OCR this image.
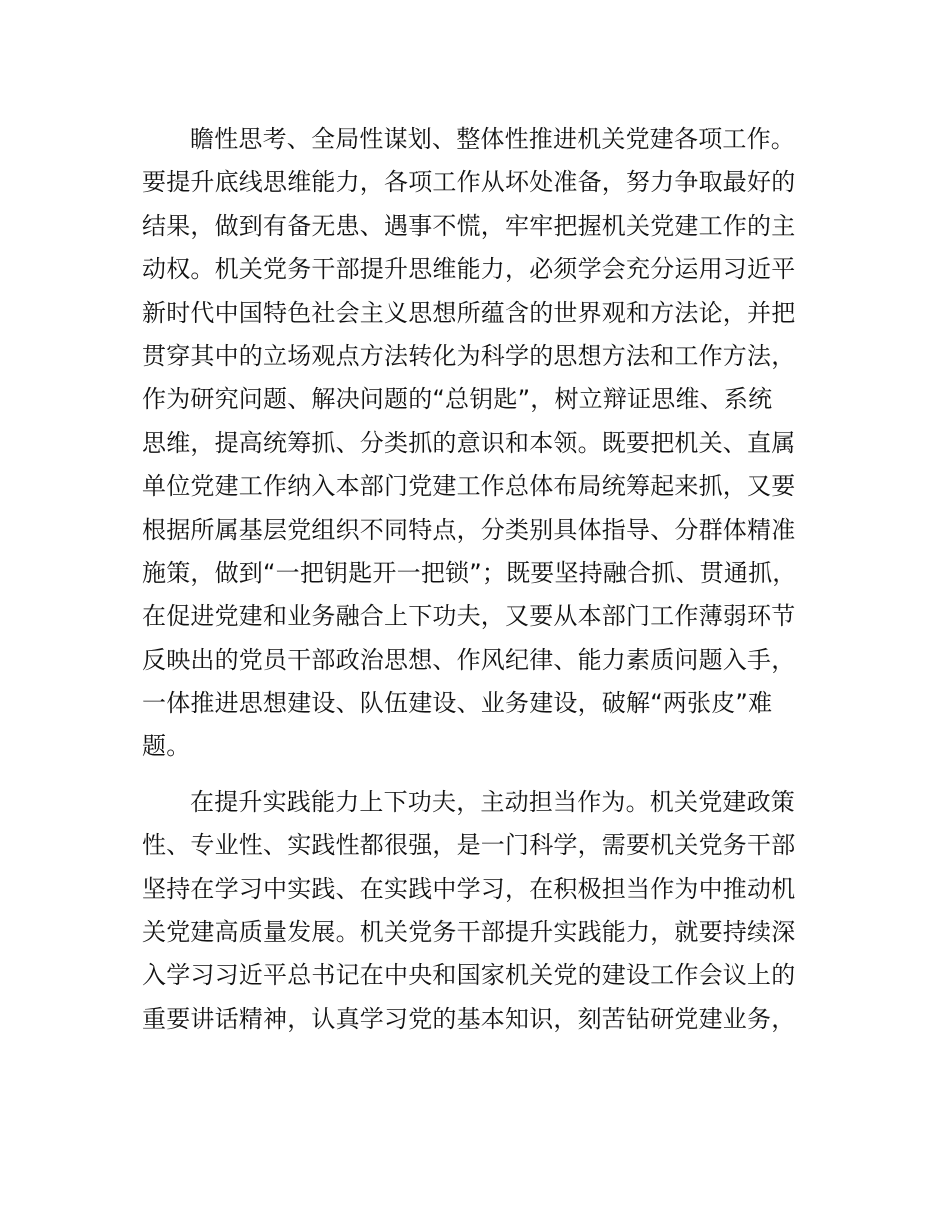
瞻性思考、全局性谋划、整体性推进机关党建各项工作。
要提升底线思维能力，各项工作从坏处准备，努力争取最好的
结果，做到有备无患、遇事不慌，牢牢把握机关党建工作的主
动权。机关党务干部提升思维能力，必须学会充分运用习近平
新时代中国特色社会主义思想所蕴含的世界观和方法论，并把
贯穿其中的立场观点方法转化为科学的思想方法和工作方法，
作为研究问题、解决问题的“总钥匙”，树立辩证思维、系统
思维，提高统筹抓、分类抓的意识和本领。既要把机关、直属
单位党建工作纳入本部门党建工作总体布局统筹起来抓，又要
根据所属基层党组织不同特点，分类别具体指导、分群体精准
施策，做到“一把钥匙开一把锁”；既要坚持融合抓、贯通抓，
在促进党建和业务融合上下功夫，又要从本部门工作薄弱环节
反映出的党员干部政治思想、作风纪律、能力素质问题入手，
一体推进思想建设、队伍建设、业务建设，破解“两张皮”难
题。
在提升实践能力上下功夫，主动担当作为。机关党建政策
性、专业性、实践性都很强，是一门科学，需要机关党务干部
坚持在学习中实践、在实践中学习，在积极担当作为中推动机
关党建高质量发展。机关党务干部提升实践能力，就要持续深
入学习习近平总书记在中央和国家机关党的建设工作会议上的
重要讲话精神，认真学习党的基本知识，刻苦钻研党建业务，
